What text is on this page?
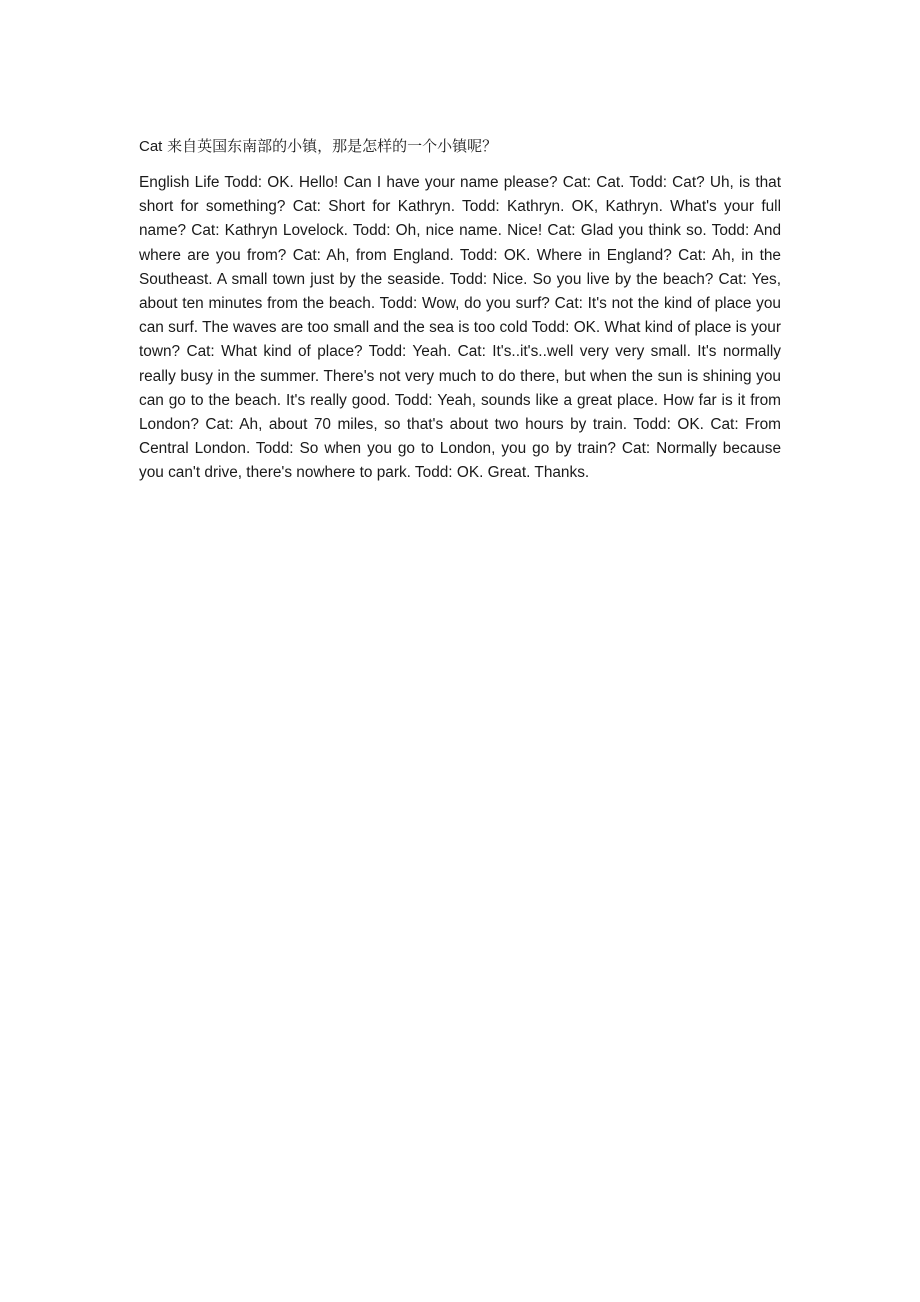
Cat 来自英国东南部的小镇，那是怎样的一个小镇呢？

English Life Todd: OK. Hello! Can I have your name please? Cat: Cat. Todd: Cat? Uh, is that short for something? Cat: Short for Kathryn. Todd: Kathryn. OK, Kathryn. What's your full name? Cat: Kathryn Lovelock. Todd: Oh, nice name. Nice! Cat: Glad you think so. Todd: And where are you from? Cat: Ah, from England. Todd: OK. Where in England? Cat: Ah, in the Southeast. A small town just by the seaside. Todd: Nice. So you live by the beach? Cat: Yes, about ten minutes from the beach. Todd: Wow, do you surf? Cat: It's not the kind of place you can surf. The waves are too small and the sea is too cold Todd: OK. What kind of place is your town? Cat: What kind of place? Todd: Yeah. Cat: It's..it's..well very very small. It's normally really busy in the summer. There's not very much to do there, but when the sun is shining you can go to the beach. It's really good. Todd: Yeah, sounds like a great place. How far is it from London? Cat: Ah, about 70 miles, so that's about two hours by train. Todd: OK. Cat: From Central London. Todd: So when you go to London, you go by train? Cat: Normally because you can't drive, there's nowhere to park. Todd: OK. Great. Thanks.
